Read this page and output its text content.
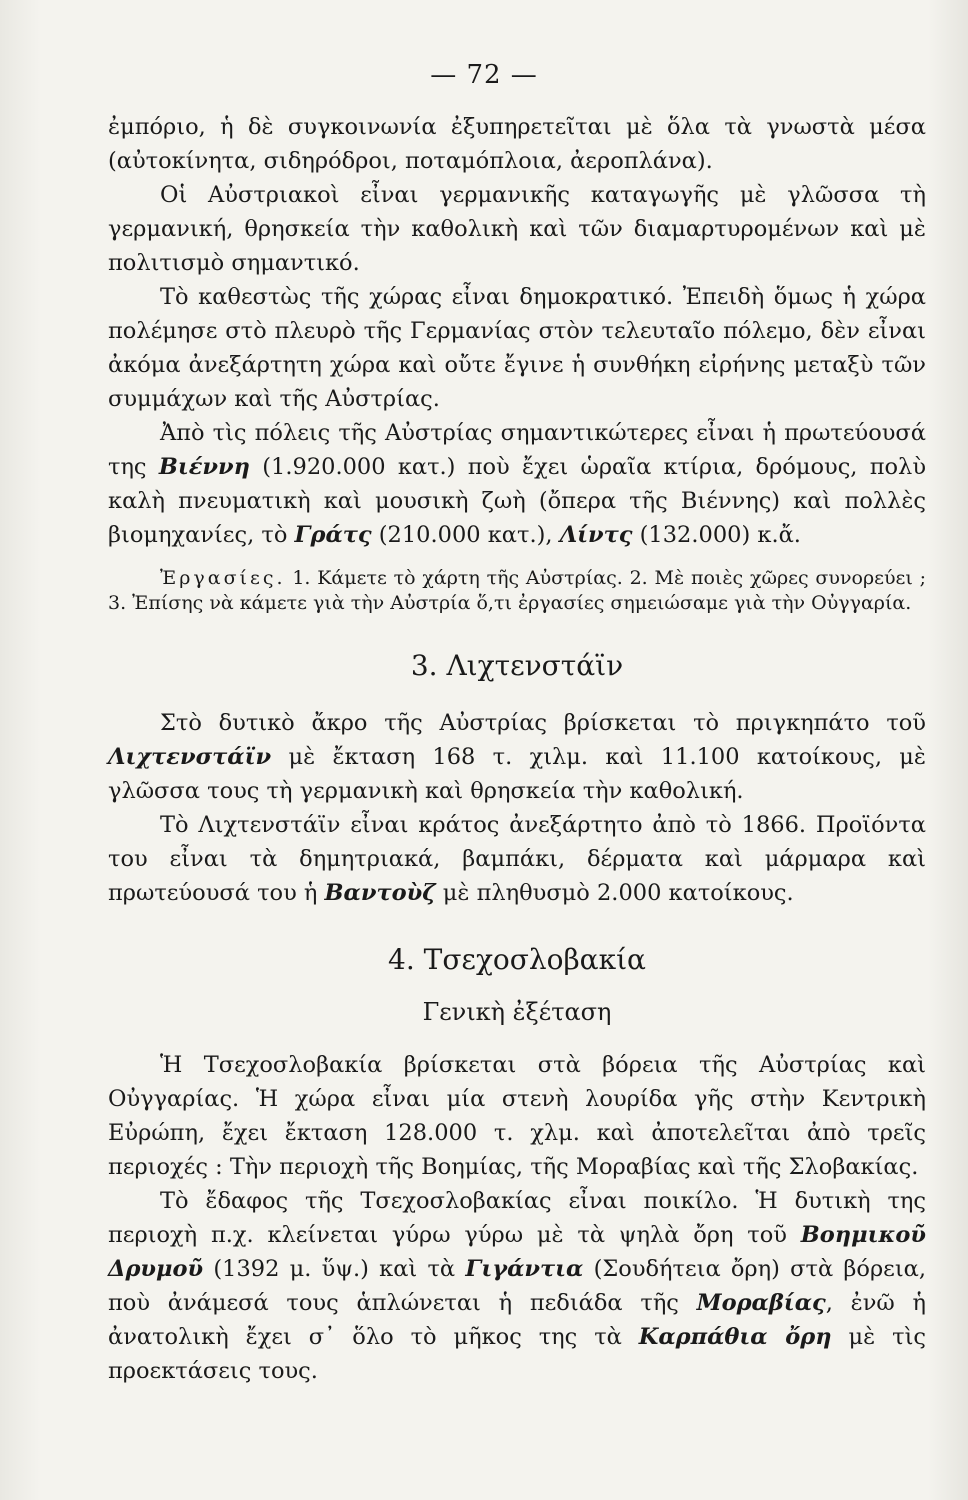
— 72 —

ἐμπόριο, ἡ δὲ συγκοινωνία ἐξυπηρετεῖται μὲ ὅλα τὰ γνωστὰ μέσα (αὐτοκίνητα, σιδηρόδροι, ποταμόπλοια, ἀεροπλάνα).

Οἱ Αὐστριακοὶ εἶναι γερμανικῆς καταγωγῆς μὲ γλῶσσα τὴ γερμανική, θρησκεία τὴν καθολικὴ καὶ τῶν διαμαρτυρομένων καὶ μὲ πολιτισμὸ σημαντικό.

Τὸ καθεστὼς τῆς χώρας εἶναι δημοκρατικό. Ἐπειδὴ ὅμως ἡ χώρα πολέμησε στὸ πλευρὸ τῆς Γερμανίας στὸν τελευταῖο πόλεμο, δὲν εἶναι ἀκόμα ἀνεξάρτητη χώρα καὶ οὔτε ἔγινε ἡ συνθήκη εἰρήνης μεταξὺ τῶν συμμάχων καὶ τῆς Αὐστρίας.

Ἀπὸ τὶς πόλεις τῆς Αὐστρίας σημαντικώτερες εἶναι ἡ πρωτεύουσά της Βιέννη (1.920.000 κατ.) ποὺ ἔχει ὡραῖα κτίρια, δρόμους, πολὺ καλὴ πνευματικὴ καὶ μουσικὴ ζωὴ (ὄπερα τῆς Βιέννης) καὶ πολλὲς βιομηχανίες, τὸ Γράτς (210.000 κατ.), Λίντς (132.000) κ.ἄ.

Ἐργασίες. 1. Κάμετε τὸ χάρτη τῆς Αὐστρίας. 2. Μὲ ποιὲς χῶρες συνορεύει ; 3. Ἐπίσης νὰ κάμετε γιὰ τὴν Αὐστρία ὅ,τι ἐργασίες σημειώσαμε γιὰ τὴν Οὐγγαρία.

3. Λιχτενστάϊν

Στὸ δυτικὸ ἄκρο τῆς Αὐστρίας βρίσκεται τὸ πριγκηπάτο τοῦ Λιχτενστάϊν μὲ ἔκταση 168 τ. χιλμ. καὶ 11.100 κατοίκους, μὲ γλῶσσα τους τὴ γερμανικὴ καὶ θρησκεία τὴν καθολική.

Τὸ Λιχτενστάϊν εἶναι κράτος ἀνεξάρτητο ἀπὸ τὸ 1866. Προϊόντα του εἶναι τὰ δημητριακά, βαμπάκι, δέρματα καὶ μάρμαρα καὶ πρωτεύουσά του ἡ Βαντοὺζ μὲ πληθυσμὸ 2.000 κατοίκους.

4. Τσεχοσλοβακία
Γενικὴ ἐξέταση

Ἡ Τσεχοσλοβακία βρίσκεται στὰ βόρεια τῆς Αὐστρίας καὶ Οὐγγαρίας. Ἡ χώρα εἶναι μία στενὴ λουρίδα γῆς στὴν Κεντρικὴ Εὐρώπη, ἔχει ἔκταση 128.000 τ. χλμ. καὶ ἀποτελεῖται ἀπὸ τρεῖς περιοχές : Τὴν περιοχὴ τῆς Βοημίας, τῆς Μοραβίας καὶ τῆς Σλοβακίας.

Τὸ ἔδαφος τῆς Τσεχοσλοβακίας εἶναι ποικίλο. Ἡ δυτικὴ της περιοχὴ π.χ. κλείνεται γύρω γύρω μὲ τὰ ψηλὰ ὄρη τοῦ Βοημικοῦ Δρυμοῦ (1392 μ. ὕψ.) καὶ τὰ Γιγάντια (Σουδήτεια ὄρη) στὰ βόρεια, ποὺ ἀνάμεσά τους ἁπλώνεται ἡ πεδιάδα τῆς Μοραβίας, ἐνῶ ἡ ἀνατολικὴ ἔχει σ᾽ ὅλο τὸ μῆκος της τὰ Καρπάθια ὄρη μὲ τὶς προεκτάσεις τους.
